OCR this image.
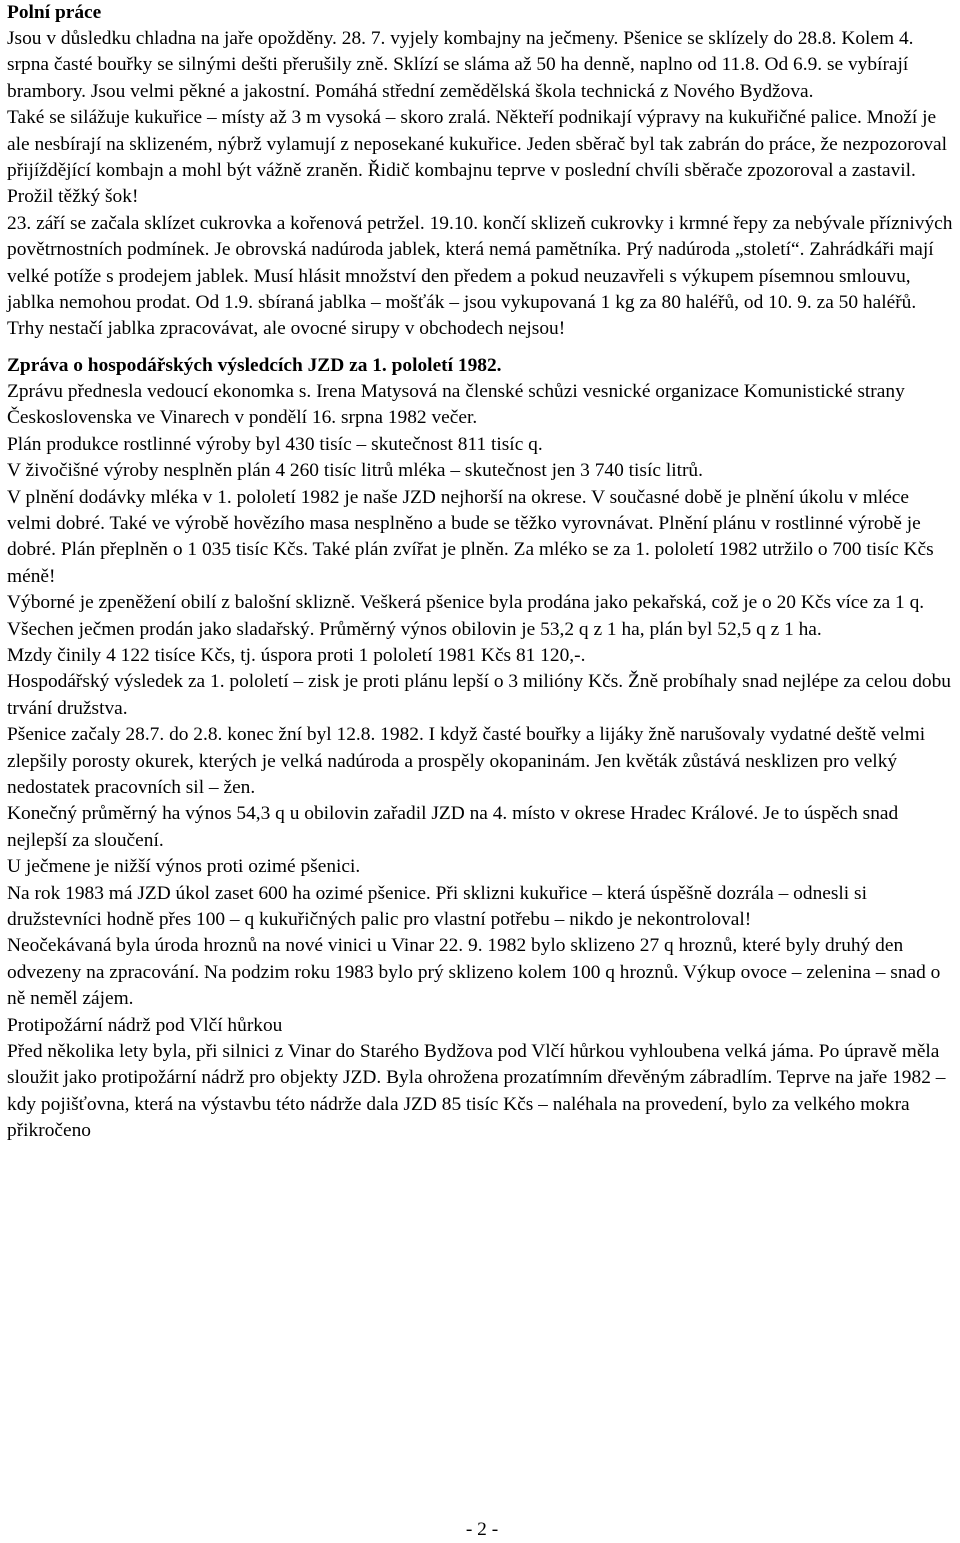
Polní práce

Jsou v důsledku chladna na jaře opožděny. 28. 7. vyjely kombajny na ječmeny. Pšenice se sklízely do 28.8. Kolem 4. srpna časté bouřky se silnými dešti přerušily zně. Sklízí se sláma až 50 ha denně, naplno od 11.8. Od 6.9. se vybírají brambory. Jsou velmi pěkné a jakostní. Pomáhá střední zemědělská škola technická z Nového Bydžova.

Také se silážuje kukuřice – místy až 3 m vysoká – skoro zralá. Někteří podnikají výpravy na kukuřičné palice. Množí je ale nesbírají na sklizeném, nýbrž vylamují z neposekané kukuřice. Jeden sběrač byl tak zabrán do práce, že nezpozoroval přijíždějící kombajn a mohl být vážně zraněn. Řidič kombajnu teprve v poslední chvíli sběrače zpozoroval a zastavil. Prožil těžký šok!

23. září se začala sklízet cukrovka a kořenová petržel. 19.10. končí sklizeň cukrovky i krmné řepy za nebývale příznivých povětrnostních podmínek. Je obrovská nadúroda jablek, která nemá pamětníka. Prý nadúroda „století“. Zahrádkáři mají velké potíže s prodejem jablek. Musí hlásit množství den předem a pokud neuzavřeli s výkupem písemnou smlouvu, jablka nemohou prodat. Od 1.9. sbíraná jablka – mošťák – jsou vykupovaná 1 kg za 80 haléřů, od 10. 9. za 50 haléřů.

Trhy nestačí jablka zpracovávat, ale ovocné sirupy v obchodech nejsou!

Zpráva o hospodářských výsledcích JZD za 1. pololetí 1982.

Zprávu přednesla vedoucí ekonomka s. Irena Matysová na členské schůzi vesnické organizace Komunistické strany Československa ve Vinarech v pondělí 16. srpna 1982 večer.

Plán produkce rostlinné výroby byl 430 tisíc – skutečnost 811 tisíc q.

V živočišné výroby nesplněn plán 4 260 tisíc litrů mléka – skutečnost jen 3 740 tisíc litrů.

V plnění dodávky mléka v 1. pololetí 1982 je naše JZD nejhorší na okrese. V současné době je plnění úkolu v mlécе velmi dobré. Také ve výrobě hovězího masa nesplněno a bude se těžko vyrovnávat. Plnění plánu v rostlinné výrobě je dobré. Plán přeplněn o 1 035 tisíc Kčs. Také plán zvířat je plněn. Za mléko se za 1. pololetí 1982 utržilo o 700 tisíc Kčs méně!

Výborné je zpeněžení obilí z balošní sklizně. Veškerá pšenice byla prodána jako pekařská, což je o 20 Kčs více za 1 q. Všechen ječmen prodán jako sladařský. Průměrný výnos obilovin je 53,2 q z 1 ha, plán byl 52,5 q z 1 ha.

Mzdy činily 4 122 tisíce Kčs, tj. úspora proti 1 pololetí 1981 Kčs 81 120,-.

Hospodářský výsledek za 1. pololetí – zisk je proti plánu lepší o 3 milióny Kčs. Žně probíhaly snad nejlépe za celou dobu trvání družstva.

Pšenice začaly 28.7. do 2.8. konec žní byl 12.8. 1982. I když časté bouřky a lijáky žně narušovaly vydatné deště velmi zlepšily porosty okurek, kterých je velká nadúroda a prospěly okopaninám. Jen květák zůstává nesklizen pro velký nedostatek pracovních sil – žen.

Konečný průměrný ha výnos 54,3 q u obilovin zařadil JZD na 4. místo v okrese Hradec Králové. Je to úspěch snad nejlepší za sloučení.

U ječmene je nižší výnos proti ozimé pšenici.

Na rok 1983 má JZD úkol zaset 600 ha ozimé pšenice. Při sklizni kukuřice – která úspěšně dozrála – odnesli si družstevníci hodně přes 100 – q kukuřičných palic pro vlastní potřebu – nikdo je nekontroloval!

Neočekávaná byla úroda hroznů na nové vinici u Vinar 22. 9. 1982 bylo sklizeno 27 q hroznů, které byly druhý den odvezeny na zpracování. Na podzim roku 1983 bylo prý sklizeno kolem 100 q hroznů. Výkup ovoce – zelenina – snad o ně neměl zájem.

Protipožární nádrž pod Vlčí hůrkou

Před několika lety byla, při silnici z Vinar do Starého Bydžova pod Vlčí hůrkou vyhloubena velká jáma. Po úpravě měla sloužit jako protipožární nádrž pro objekty JZD. Byla ohrožena prozatímním dřevěným zábradlím. Teprve na jaře 1982 – kdy pojišťovna, která na výstavbu této nádrže dala JZD 85 tisíc Kčs – naléhala na provedení, bylo za velkého mokra přikročeno

- 2 -
